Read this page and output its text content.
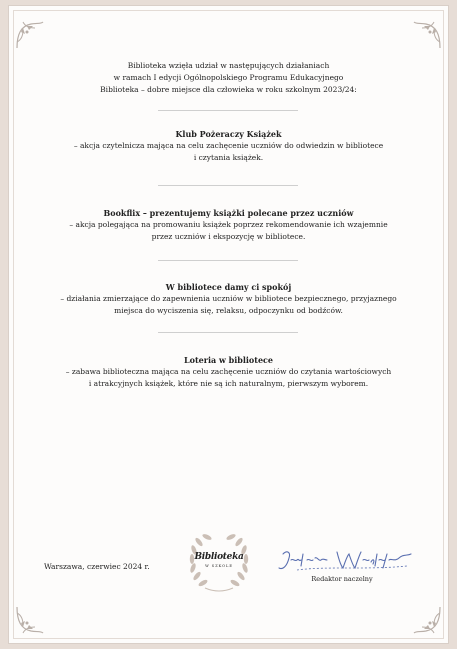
Biblioteka wzięła udział w następujących działaniach
w ramach I edycji Ogólnopolskiego Programu Edukacyjnego
Biblioteka – dobre miejsce dla człowieka w roku szkolnym 2023/24:
Klub Pożeraczy Książek
– akcja czytelnicza mająca na celu zachęcenie uczniów do odwiedzin w bibliotece
i czytania książek.
Bookflix – prezentujemy książki polecane przez uczniów
– akcja polegająca na promowaniu książek poprzez rekomendowanie ich wzajemnie
przez uczniów i ekspozycję w bibliotece.
W bibliotece damy ci spokój
– działania zmierzające do zapewnienia uczniów w bibliotece bezpiecznego, przyjaznego
miejsca do wyciszenia się, relaksu, odpoczynku od bodźców.
Loteria w bibliotece
– zabawa biblioteczna mająca na celu zachęcenie uczniów do czytania wartościowych
i atrakcyjnych książek, które nie są ich naturalnym, pierwszym wyborem.
Warszawa, czerwiec 2024 r.
Biblioteka
W SZKOLE
Redaktor naczelny
